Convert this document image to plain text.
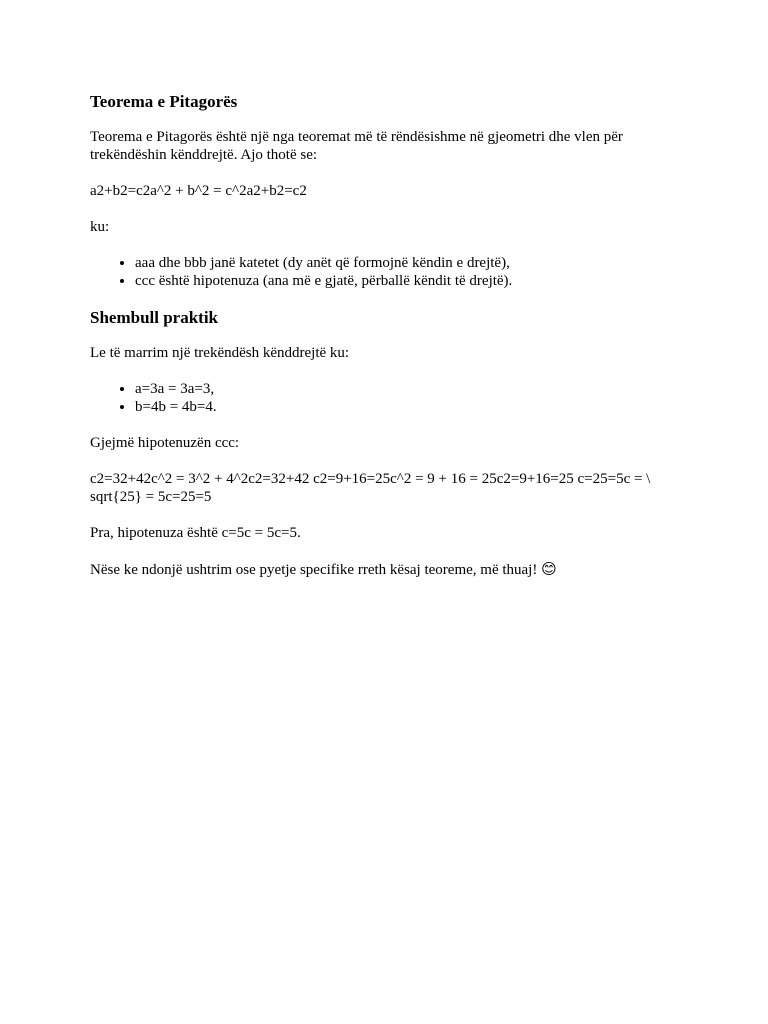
Teorema e Pitagorës

Teorema e Pitagorës është një nga teoremat më të rëndësishme në gjeometri dhe vlen për trekëndëshin kënddrejtë. Ajo thotë se:

a2+b2=c2a^2 + b^2 = c^2a2+b2=c2

ku:

• aaa dhe bbb janë katetet (dy anët që formojnë këndin e drejtë),
• ccc është hipotenuza (ana më e gjatë, përballë këndit të drejtë).
Shembull praktik

Le të marrim një trekëndësh kënddrejtë ku:

• a=3a = 3a=3,
• b=4b = 4b=4.

Gjejmë hipotenuzën ccc:

c2=32+42c^2 = 3^2 + 4^2c2=32+42 c2=9+16=25c^2 = 9 + 16 = 25c2=9+16=25 c=25=5c = \ sqrt{25} = 5c=25=5

Pra, hipotenuza është c=5c = 5c=5.

Nëse ke ndonjë ushtrim ose pyetje specifike rreth kësaj teoreme, më thuaj! 😊
